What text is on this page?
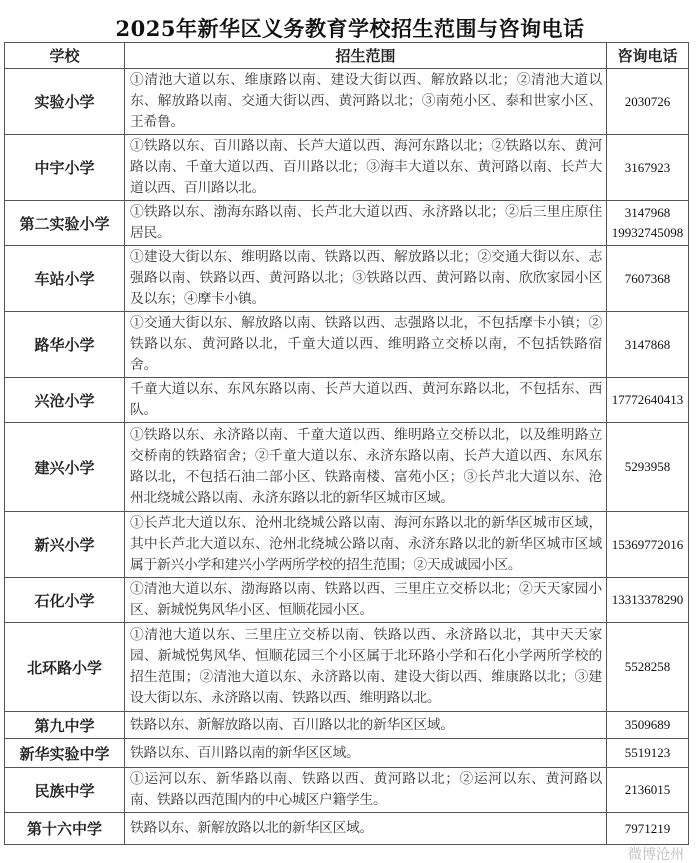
2025年新华区义务教育学校招生范围与咨询电话
学校	招生范围	咨询电话
实验小学	①清池大道以东、维康路以南、建设大街以西、解放路以北；②清池大道以东、解放路以南、交通大街以西、黄河路以北；③南苑小区、泰和世家小区、王希鲁。	2030726

中宇小学	①铁路以东、百川路以南、长芦大道以西、海河东路以北；②铁路以东、黄河路以南、千童大道以西、百川路以北；③海丰大道以东、黄河路以南、长芦大道以西、百川路以北。	3167923

第二实验小学	①铁路以东、渤海东路以南、长芦北大道以西、永济路以北；②后三里庄原住居民。	3147968
19932745098

车站小学	①建设大街以东、维明路以南、铁路以西、解放路以北；②交通大街以东、志强路以南、铁路以西、黄河路以北；③铁路以西、黄河路以南、欣欣家园小区及以东；④摩卡小镇。	7607368

路华小学	①交通大街以东、解放路以南、铁路以西、志强路以北，不包括摩卡小镇；②铁路以东、黄河路以北，千童大道以西、维明路立交桥以南，不包括铁路宿舍。	3147868

兴沧小学	千童大道以东、东风东路以南、长芦大道以西、黄河东路以北，不包括东、西队。	17772640413

建兴小学	①铁路以东、永济路以南、千童大道以西、维明路立交桥以北，以及维明路立交桥南的铁路宿舍；②千童大道以东、永济东路以南、长芦大道以西、东风东路以北，不包括石油二部小区、铁路南楼、富苑小区；③长芦北大道以东、沧州北绕城公路以南、永济东路以北的新华区城市区域。	5293958

新兴小学	①长芦北大道以东、沧州北绕城公路以南、海河东路以北的新华区城市区域，其中长芦北大道以东、沧州北绕城公路以南、永济东路以北的新华区城市区域属于新兴小学和建兴小学两所学校的招生范围；②天成诚园小区。	15369772016

石化小学	①清池大道以东、渤海路以南、铁路以西、三里庄立交桥以北；②天天家园小区、新城悦隽风华小区、恒顺花园小区。	13313378290

北环路小学	①清池大道以东、三里庄立交桥以南、铁路以西、永济路以北，其中天天家园、新城悦隽风华、恒顺花园三个小区属于北环路小学和石化小学两所学校的招生范围；②清池大道以东、永济路以南、建设大街以西、维康路以北；③建设大街以东、永济路以南、铁路以西、维明路以北。	5528258

第九中学	铁路以东、新解放路以南、百川路以北的新华区区域。	3509689

新华实验中学	铁路以东、百川路以南的新华区区域。	5519123

民族中学	①运河以东、新华路以南、铁路以西、黄河路以北；②运河以东、黄河路以南、铁路以西范围内的中心城区户籍学生。	2136015

第十六中学	铁路以东、新解放路以北的新华区区域。	7971219
微博沧州
